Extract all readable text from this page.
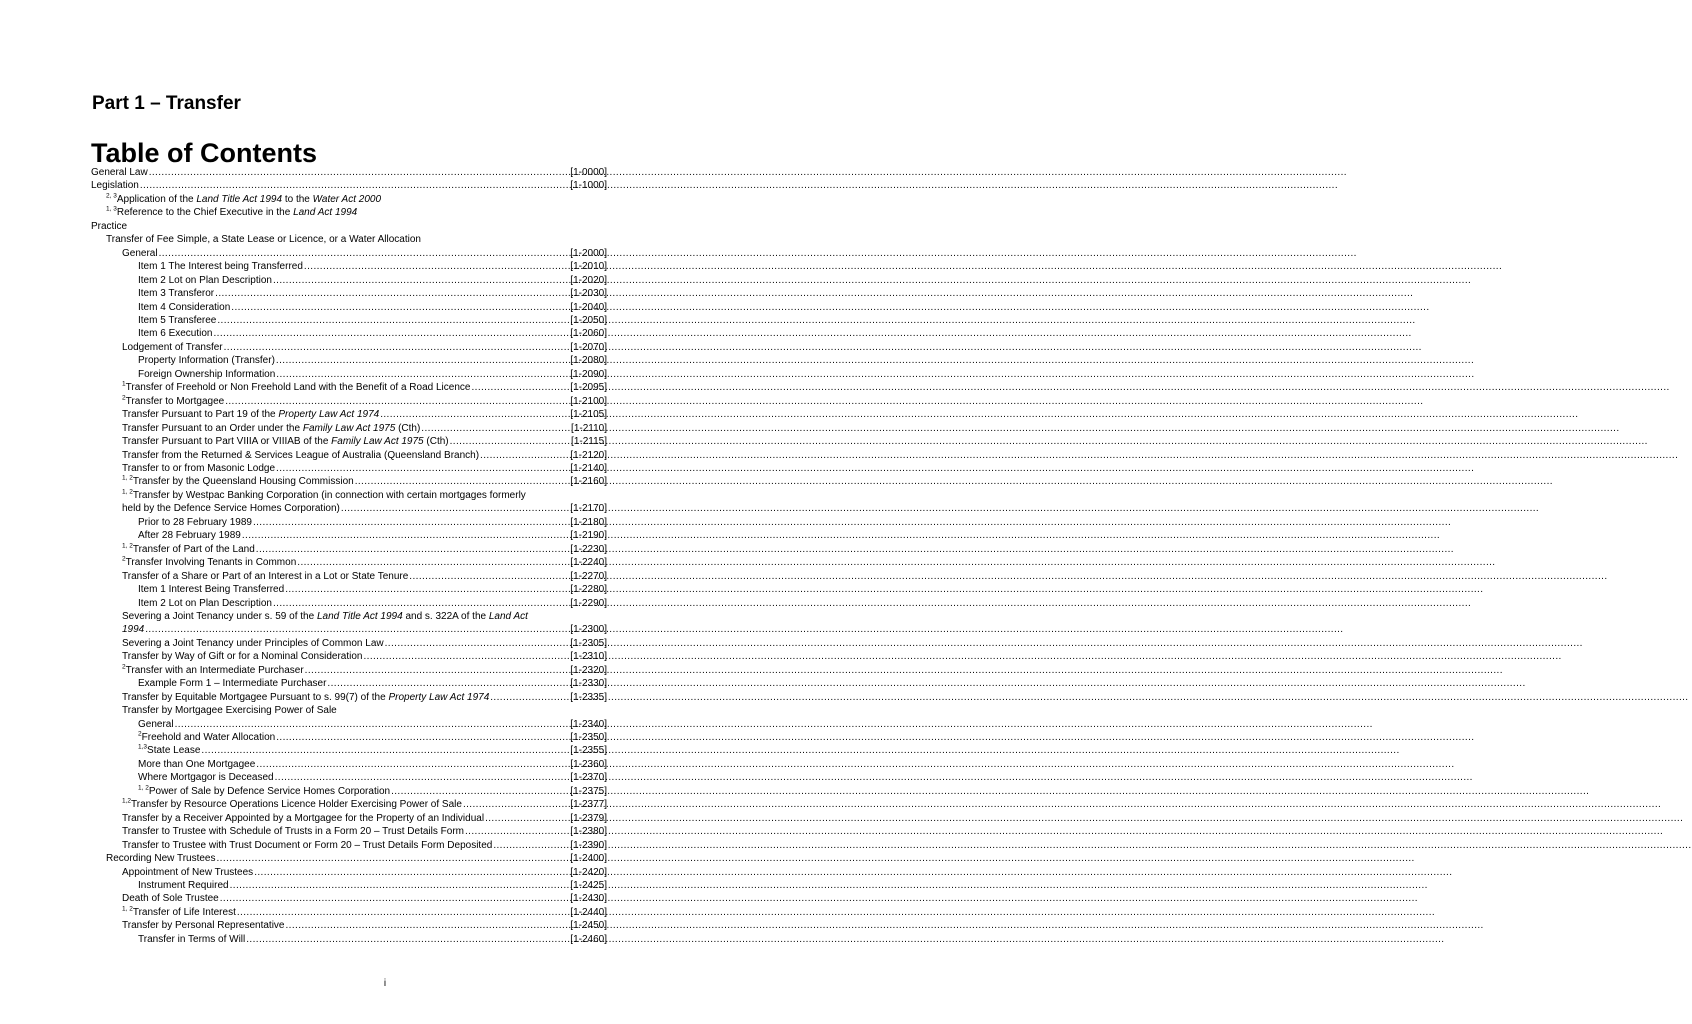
Part 1 – Transfer
Table of Contents
General Law .....	[1-0000]
Legislation .....	[1-1000]
$^{2, 3}$Application of the Land Title Act 1994 to the Water Act 2000
$^{1, 3}$Reference to the Chief Executive in the Land Act 1994
Practice
Transfer of Fee Simple, a State Lease or Licence, or a Water Allocation
General .....	[1-2000]
Item 1 The Interest being Transferred .....	[1-2010]
Item 2 Lot on Plan Description .....	[1-2020]
Item 3 Transferor .....	[1-2030]
Item 4 Consideration .....	[1-2040]
Item 5 Transferee .....	[1-2050]
Item 6 Execution .....	[1-2060]
Lodgement of Transfer .....	[1-2070]
Property Information (Transfer) .....	[1-2080]
Foreign Ownership Information .....	[1-2090]
$^1$Transfer of Freehold or Non Freehold Land with the Benefit of a Road Licence .....	[1-2095]
$^2$Transfer to Mortgagee .....	[1-2100]
Transfer Pursuant to Part 19 of the Property Law Act 1974 .....	[1-2105]
Transfer Pursuant to an Order under the Family Law Act 1975 (Cth) .....	[1-2110]
Transfer Pursuant to Part VIIIA or VIIIAB of the Family Law Act 1975 (Cth) .....	[1-2115]
Transfer from the Returned & Services League of Australia (Queensland Branch) .....	[1-2120]
Transfer to or from Masonic Lodge .....	[1-2140]
$^{1, 2}$Transfer by the Queensland Housing Commission .....	[1-2160]
$^{1, 2}$Transfer by Westpac Banking Corporation (in connection with certain mortgages formerly
held by the Defence Service Homes Corporation) .....	[1-2170]
Prior to 28 February 1989 .....	[1-2180]
After 28 February 1989 .....	[1-2190]
$^{1, 2}$Transfer of Part of the Land .....	[1-2230]
$^2$Transfer Involving Tenants in Common .....	[1-2240]
Transfer of a Share or Part of an Interest in a Lot or State Tenure .....	[1-2270]
Item 1 Interest Being Transferred .....	[1-2280]
Item 2 Lot on Plan Description .....	[1-2290]
Severing a Joint Tenancy under s. 59 of the Land Title Act 1994 and s. 322A of the Land Act
1994 .....	[1-2300]
Severing a Joint Tenancy under Principles of Common Law .....	[1-2305]
Transfer by Way of Gift or for a Nominal Consideration .....	[1-2310]
$^2$Transfer with an Intermediate Purchaser .....	[1-2320]
Example Form 1 – Intermediate Purchaser .....	[1-2330]
Transfer by Equitable Mortgagee Pursuant to s. 99(7) of the Property Law Act 1974 .....	[1-2335]
Transfer by Mortgagee Exercising Power of Sale
General .....	[1-2340]
$^2$Freehold and Water Allocation .....	[1-2350]
$^{1,3}$State Lease .....	[1-2355]
More than One Mortgagee .....	[1-2360]
Where Mortgagor is Deceased .....	[1-2370]
$^{1, 2}$Power of Sale by Defence Service Homes Corporation .....	[1-2375]
$^{1,2}$Transfer by Resource Operations Licence Holder Exercising Power of Sale .....	[1-2377]
Transfer by a Receiver Appointed by a Mortgagee for the Property of an Individual .....	[1-2379]
Transfer to Trustee with Schedule of Trusts in a Form 20 – Trust Details Form .....	[1-2380]
Transfer to Trustee with Trust Document or Form 20 – Trust Details Form Deposited .....	[1-2390]
Recording New Trustees .....	[1-2400]
Appointment of New Trustees .....	[1-2420]
Instrument Required .....	[1-2425]
Death of Sole Trustee .....	[1-2430]
$^{1, 2}$Transfer of Life Interest .....	[1-2440]
Transfer by Personal Representative .....	[1-2450]
Transfer in Terms of Will .....	[1-2460]
i
